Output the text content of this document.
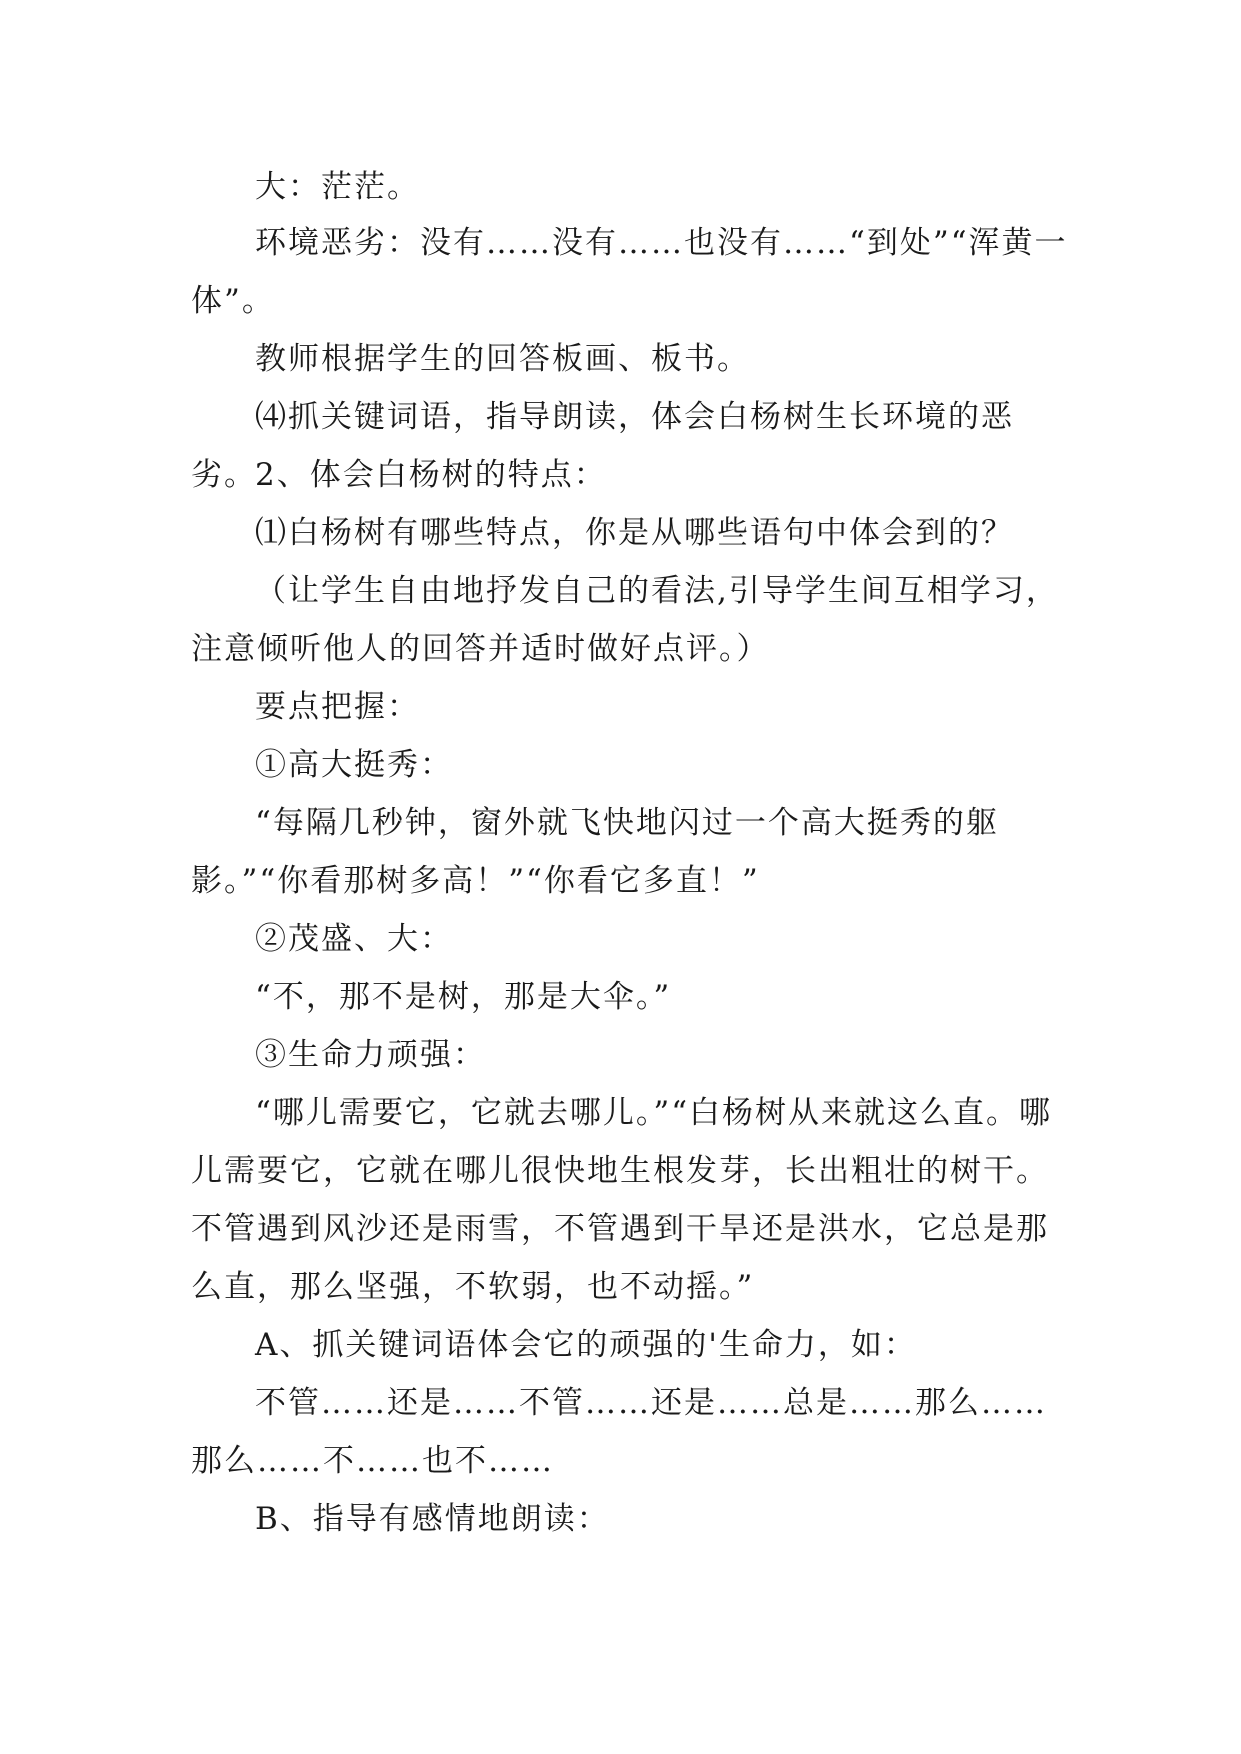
大：茫茫。

环境恶劣：没有……没有……也没有……“到处”“浑黄一体”。

教师根据学生的回答板画、板书。

⑷抓关键词语，指导朗读，体会白杨树生长环境的恶劣。

2、体会白杨树的特点：

⑴白杨树有哪些特点，你是从哪些语句中体会到的？

（让学生自由地抒发自己的看法,引导学生间互相学习，注意倾听他人的回答并适时做好点评。）

要点把握：

①高大挺秀：

“每隔几秒钟，窗外就飞快地闪过一个高大挺秀的躯影。”“你看那树多高！”“你看它多直！”

②茂盛、大：

“不，那不是树，那是大伞。”

③生命力顽强：

“哪儿需要它，它就去哪儿。”“白杨树从来就这么直。哪儿需要它，它就在哪儿很快地生根发芽，长出粗壮的树干。不管遇到风沙还是雨雪，不管遇到干旱还是洪水，它总是那么直，那么坚强，不软弱，也不动摇。”

A、抓关键词语体会它的顽强的'生命力，如：

不管……还是……不管……还是……总是……那么……那么……不……也不……

B、指导有感情地朗读：
